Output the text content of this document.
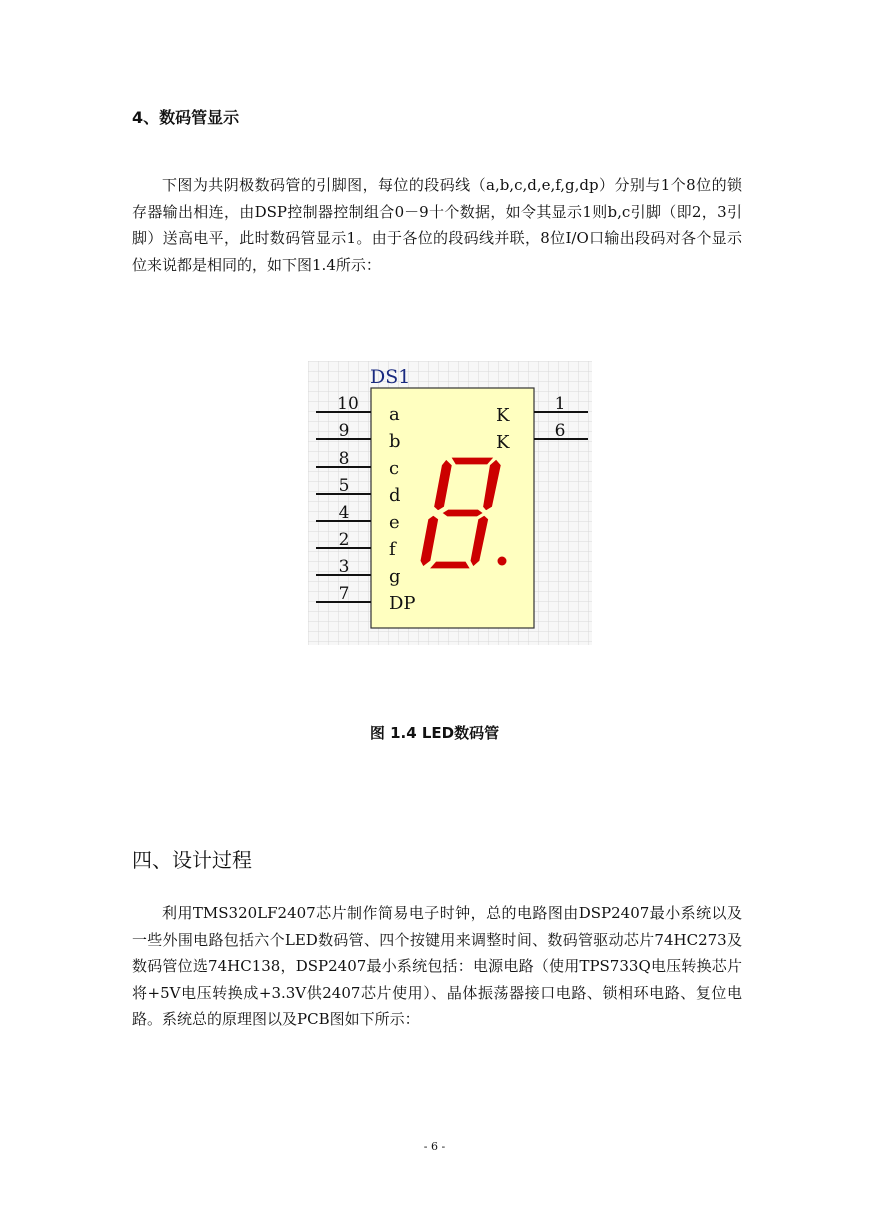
4、数码管显示

下图为共阴极数码管的引脚图，每位的段码线（a,b,c,d,e,f,g,dp）分别与1个8位的锁存器输出相连，由DSP控制器控制组合0－9十个数据，如令其显示1则b,c引脚（即2，3引脚）送高电平，此时数码管显示1。由于各位的段码线并联，8位I/O口输出段码对各个显示位来说都是相同的，如下图1.4所示：

DS1
10
9
8
5
4
2
3
7
a
b
c
d
e
f
g
DP
1
6
K
K
图 1.4 LED数码管
四、设计过程

利用TMS320LF2407芯片制作简易电子时钟，总的电路图由DSP2407最小系统以及一些外围电路包括六个LED数码管、四个按键用来调整时间、数码管驱动芯片74HC273及数码管位选74HC138，DSP2407最小系统包括：电源电路（使用TPS733Q电压转换芯片将+5V电压转换成+3.3V供2407芯片使用）、晶体振荡器接口电路、锁相环电路、复位电路。系统总的原理图以及PCB图如下所示：

- 6 -
